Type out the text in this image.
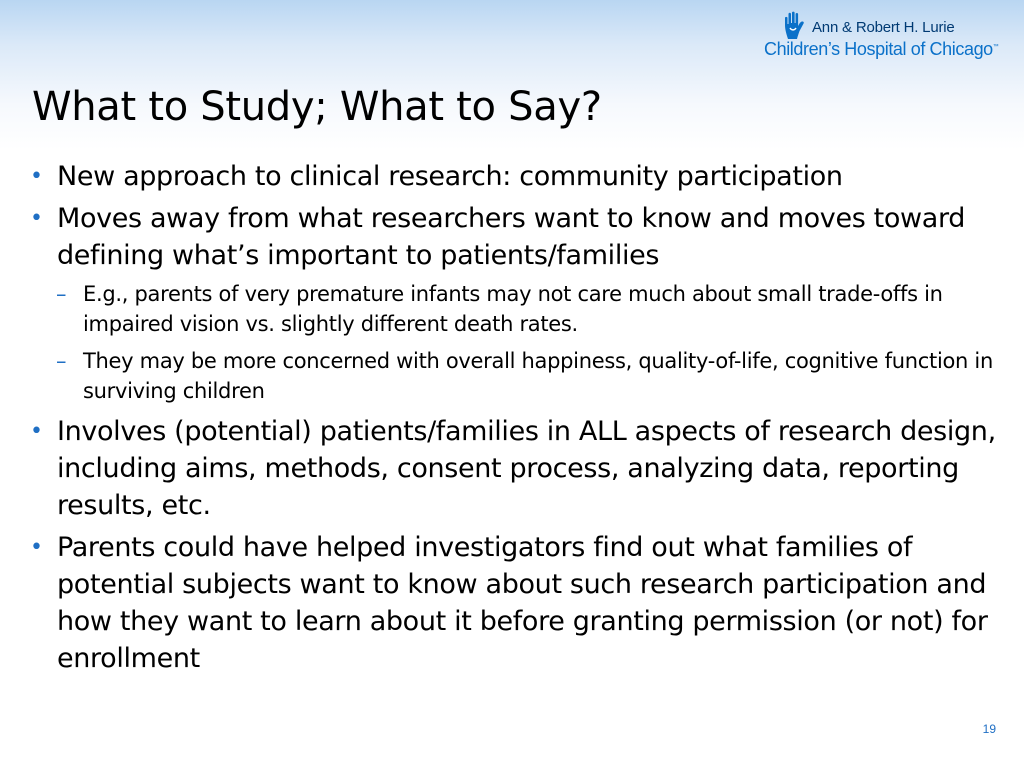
Ann & Robert H. Lurie
Children’s Hospital of Chicago™
What to Study; What to Say?
• New approach to clinical research: community participation
• Moves away from what researchers want to know and moves toward defining what’s important to patients/families
– E.g., parents of very premature infants may not care much about small trade-offs in impaired vision vs. slightly different death rates.
– They may be more concerned with overall happiness, quality-of-life, cognitive function in surviving children
• Involves (potential) patients/families in ALL aspects of research design, including aims, methods, consent process, analyzing data, reporting results, etc.
• Parents could have helped investigators find out what families of potential subjects want to know about such research participation and how they want to learn about it before granting permission (or not) for enrollment
19
